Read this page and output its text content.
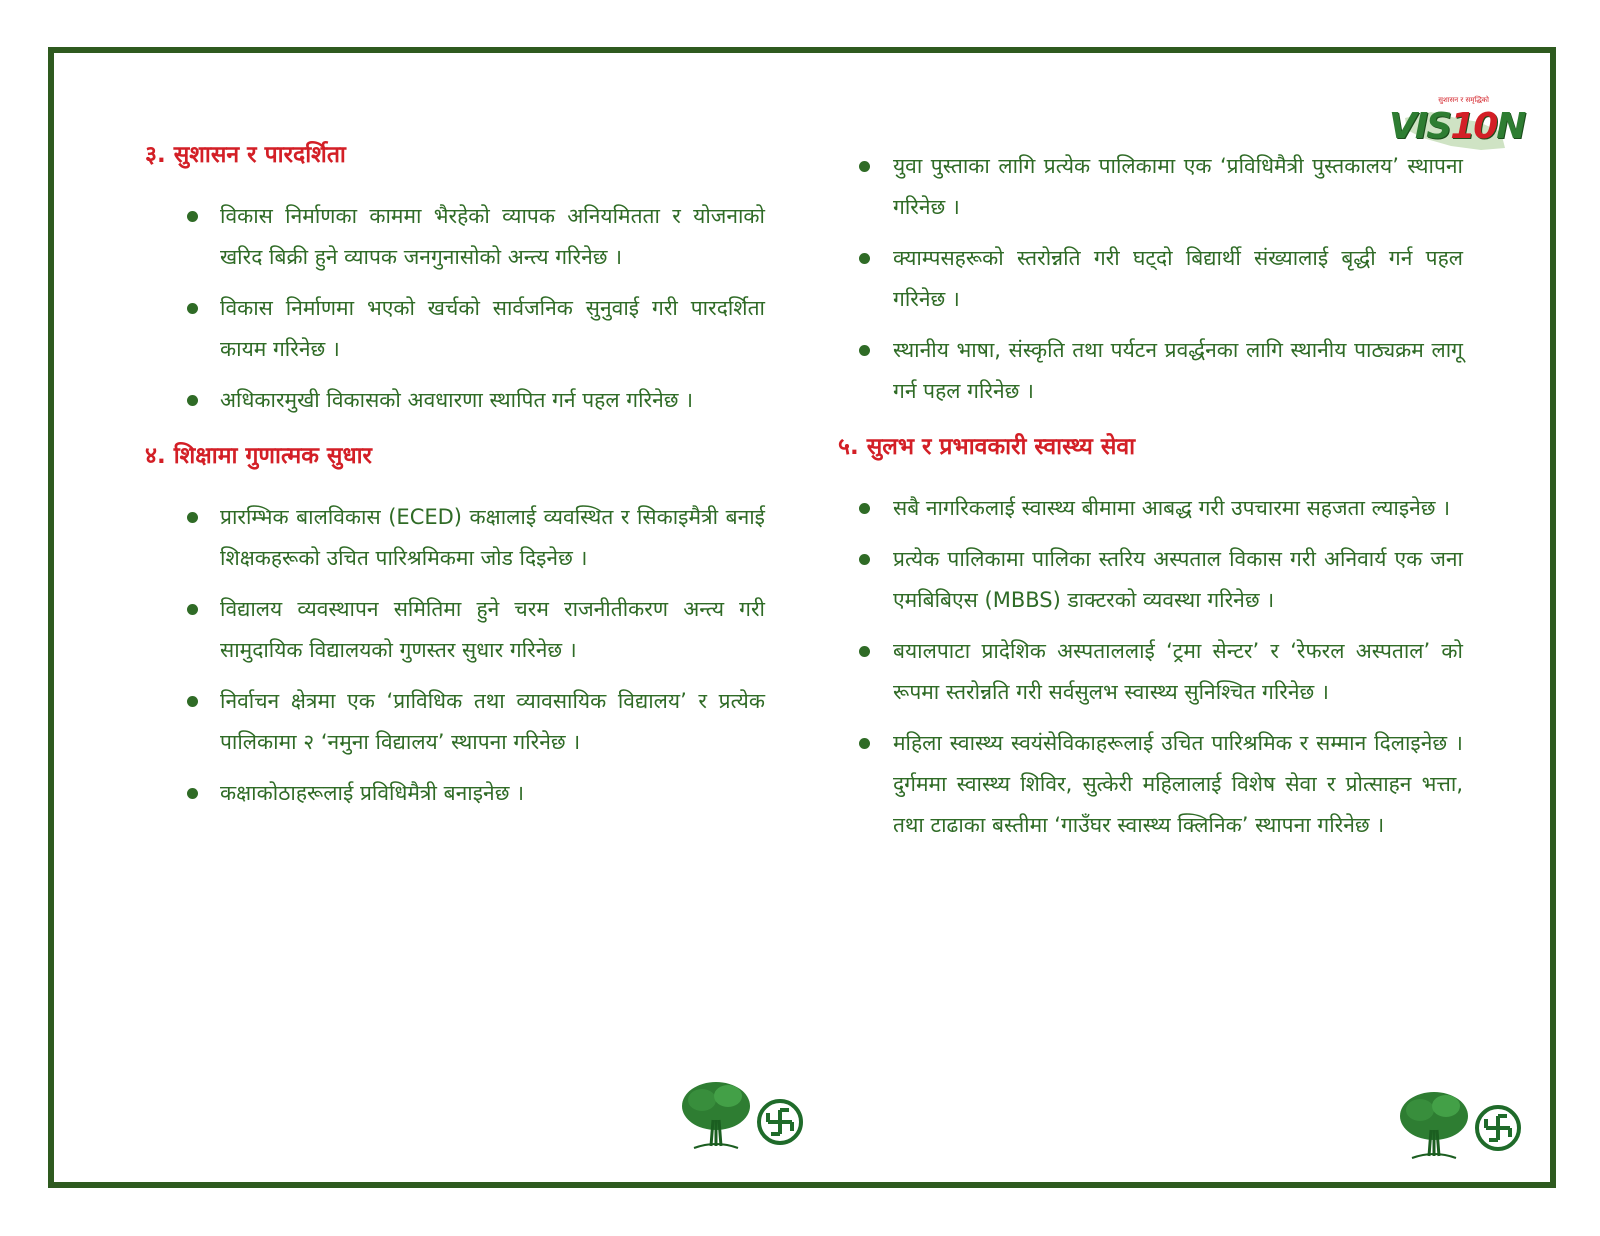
सुशासन र समृद्धिको
VIS10N
३. सुशासन र पारदर्शिता
विकास निर्माणका काममा भैरहेको व्यापक अनियमितता र योजनाको खरिद बिक्री हुने व्यापक जनगुनासोको अन्त्य गरिनेछ ।
विकास निर्माणमा भएको खर्चको सार्वजनिक सुनुवाई गरी पारदर्शिता कायम गरिनेछ ।
अधिकारमुखी विकासको अवधारणा स्थापित गर्न पहल गरिनेछ ।
४. शिक्षामा गुणात्मक सुधार
प्रारम्भिक बालविकास (ECED) कक्षालाई व्यवस्थित र सिकाइमैत्री बनाई शिक्षकहरूको उचित पारिश्रमिकमा जोड दिइनेछ ।
विद्यालय व्यवस्थापन समितिमा हुने चरम राजनीतीकरण अन्त्य गरी सामुदायिक विद्यालयको गुणस्तर सुधार गरिनेछ ।
निर्वाचन क्षेत्रमा एक ‘प्राविधिक तथा व्यावसायिक विद्यालय’ र प्रत्येक पालिकामा २ ‘नमुना विद्यालय’ स्थापना गरिनेछ ।
कक्षाकोठाहरूलाई प्रविधिमैत्री बनाइनेछ ।
युवा पुस्ताका लागि प्रत्येक पालिकामा एक ‘प्रविधिमैत्री पुस्तकालय’ स्थापना गरिनेछ ।
क्याम्पसहरूको स्तरोन्नति गरी घट्दो बिद्यार्थी संख्यालाई बृद्धी गर्न पहल गरिनेछ ।
स्थानीय भाषा, संस्कृति तथा पर्यटन प्रवर्द्धनका लागि स्थानीय पाठ्यक्रम लागू गर्न पहल गरिनेछ ।
५. सुलभ र प्रभावकारी स्वास्थ्य सेवा
सबै नागरिकलाई स्वास्थ्य बीमामा आबद्ध गरी उपचारमा सहजता ल्याइनेछ ।
प्रत्येक पालिकामा पालिका स्तरिय अस्पताल विकास गरी अनिवार्य एक जना एमबिबिएस (MBBS) डाक्टरको व्यवस्था गरिनेछ ।
बयालपाटा प्रादेशिक अस्पताललाई ‘ट्रमा सेन्टर’ र ‘रेफरल अस्पताल’ को रूपमा स्तरोन्नति गरी सर्वसुलभ स्वास्थ्य सुनिश्चित गरिनेछ ।
महिला स्वास्थ्य स्वयंसेविकाहरूलाई उचित पारिश्रमिक र सम्मान दिलाइनेछ । दुर्गममा स्वास्थ्य शिविर, सुत्केरी महिलालाई विशेष सेवा र प्रोत्साहन भत्ता, तथा टाढाका बस्तीमा ‘गाउँघर स्वास्थ्य क्लिनिक’ स्थापना गरिनेछ ।
